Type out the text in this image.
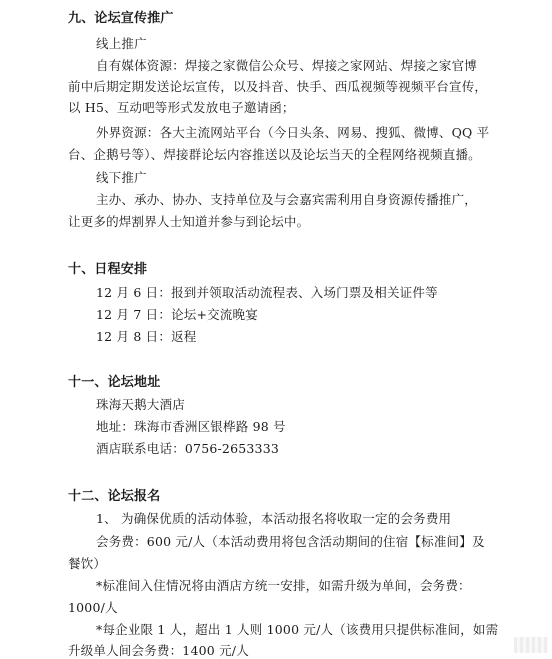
九、论坛宣传推广
线上推广
自有媒体资源：焊接之家微信公众号、焊接之家网站、焊接之家官博
前中后期定期发送论坛宣传，以及抖音、快手、西瓜视频等视频平台宣传，
以 H5、互动吧等形式发放电子邀请函；
外界资源：各大主流网站平台（今日头条、网易、搜狐、微博、QQ 平
台、企鹅号等）、焊接群论坛内容推送以及论坛当天的全程网络视频直播。
线下推广
主办、承办、协办、支持单位及与会嘉宾需利用自身资源传播推广，
让更多的焊割界人士知道并参与到论坛中。
十、日程安排
12 月 6 日：报到并领取活动流程表、入场门票及相关证件等
12 月 7 日：论坛+交流晚宴
12 月 8 日：返程
十一、论坛地址
珠海天鹅大酒店
地址：珠海市香洲区银桦路 98 号
酒店联系电话：0756-2653333
十二、论坛报名
1、 为确保优质的活动体验，本活动报名将收取一定的会务费用
会务费：600 元/人（本活动费用将包含活动期间的住宿【标准间】及
餐饮）
*标准间入住情况将由酒店方统一安排，如需升级为单间，会务费：
1000/人
*每企业限 1 人，超出 1 人则 1000 元/人（该费用只提供标准间，如需
升级单人间会务费：1400 元/人
